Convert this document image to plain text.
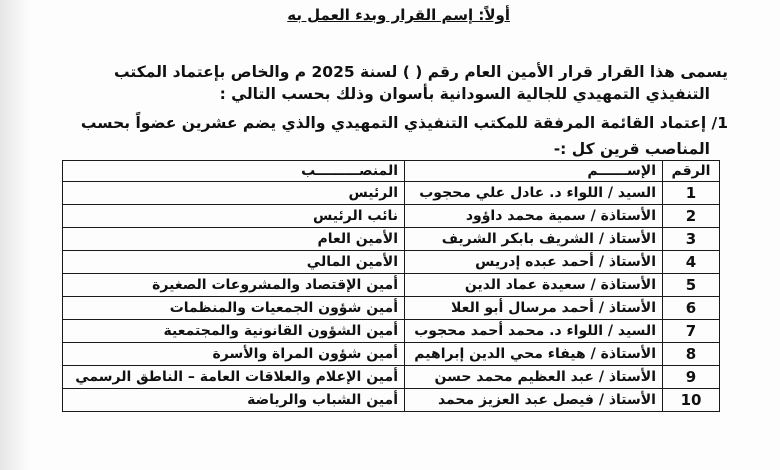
أولاً: إسم القرار وبدء العمل به
يسمى هذا القرار قرار الأمين العام رقم ( ) لسنة 2025 م والخاص بإعتماد المكتب
التنفيذي التمهيدي للجالية السودانية بأسوان وذلك بحسب التالي :
1/ إعتماد القائمة المرفقة للمكتب التنفيذي التمهيدي والذي يضم عشرين عضواً بحسب
المناصب قرين كل :-
الرقم	الإســــــم	المنصـــــــــب
1	السيد / اللواء د. عادل علي محجوب	الرئيس
2	الأستاذة / سمية محمد داؤود	نائب الرئيس
3	الأستاذ / الشريف بابكر الشريف	الأمين العام
4	الأستاذ / أحمد عبده إدريس	الأمين المالي
5	الأستاذة / سعيدة عماد الدين	أمين الإقتصاد والمشروعات الصغيرة
6	الأستاذ / أحمد مرسال أبو العلا	أمين شؤون الجمعيات والمنظمات
7	السيد / اللواء د. محمد أحمد محجوب	أمين الشؤون القانونية والمجتمعية
8	الأستاذة / هيفاء محي الدين إبراهيم	أمين شؤون المراة والأسرة
9	الأستاذ / عبد العظيم محمد حسن	أمين الإعلام والعلاقات العامة – الناطق الرسمي
10	الأستاذ / فيصل عبد العزيز محمد	أمين الشباب والرياضة
